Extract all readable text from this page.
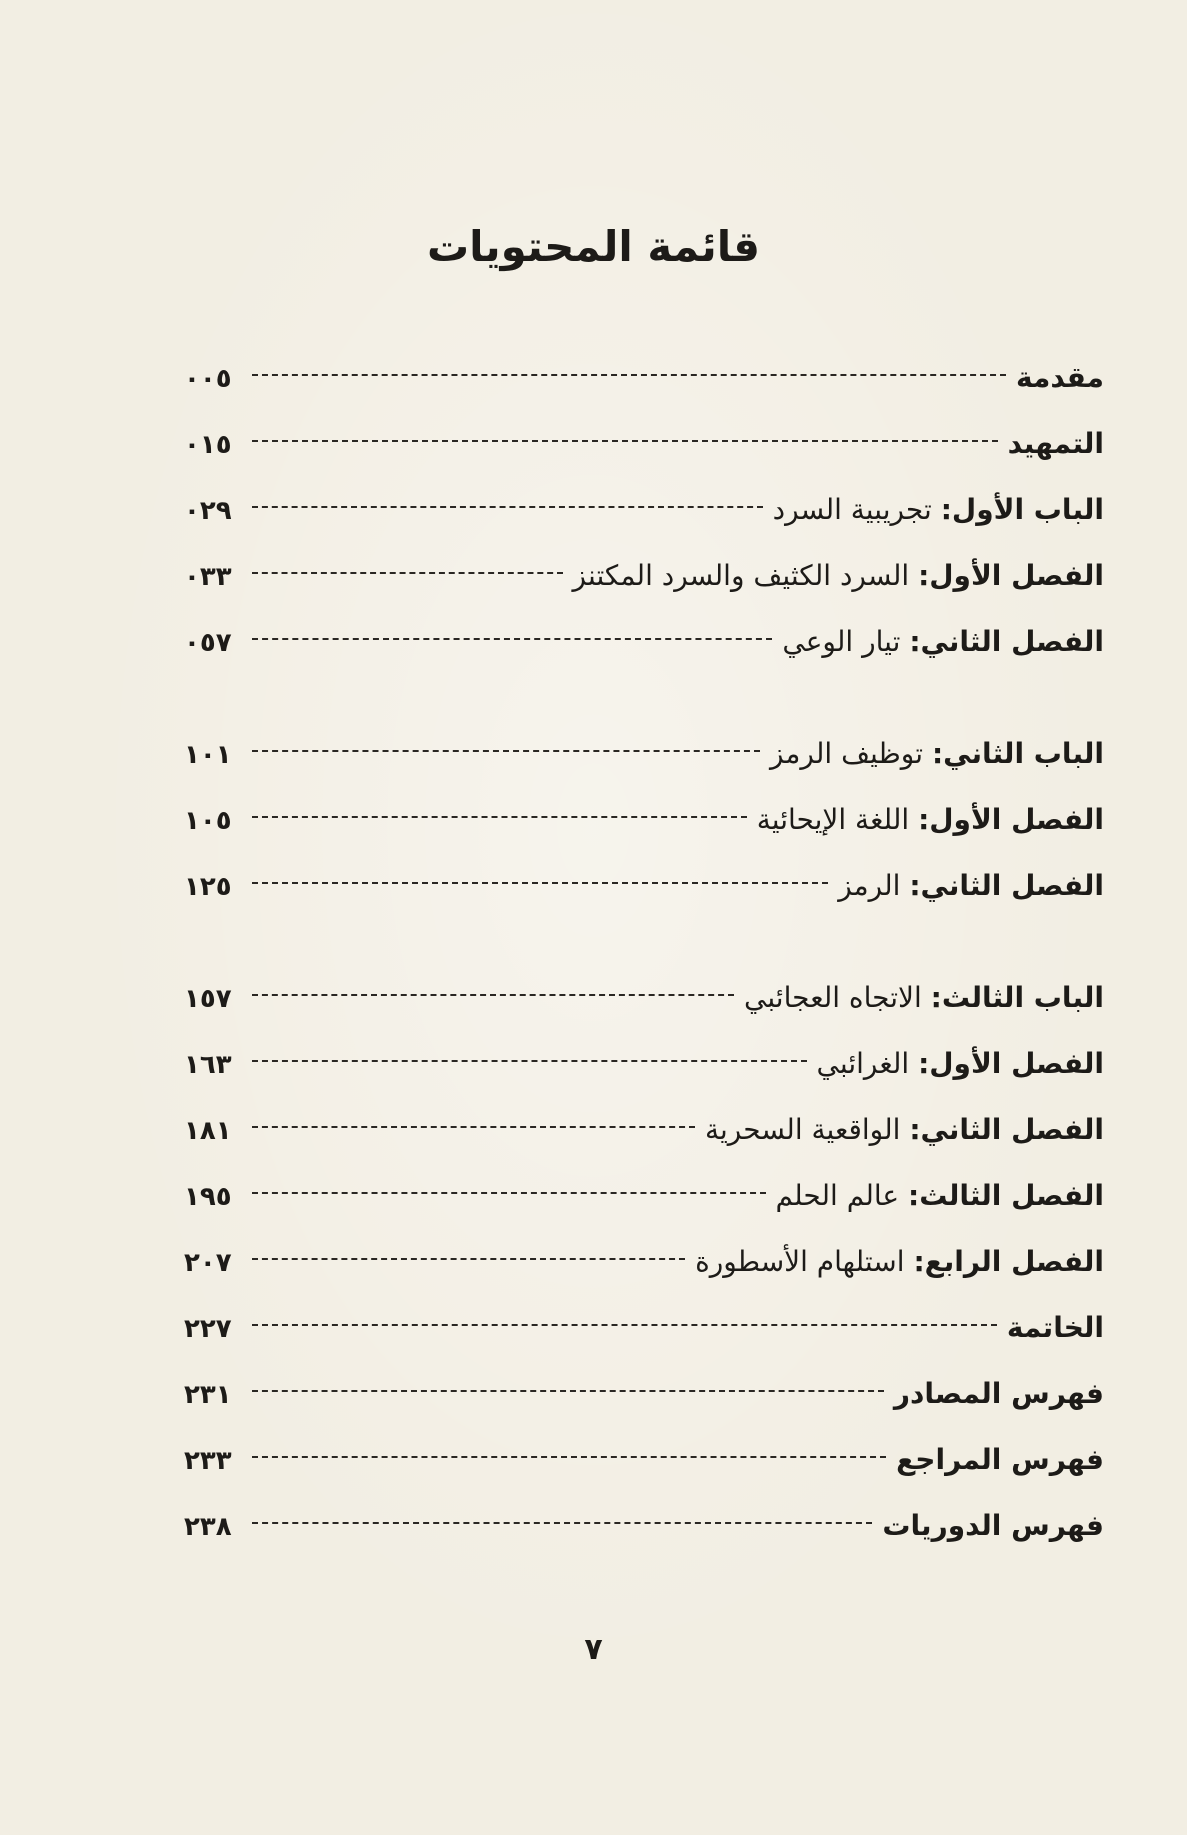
قائمة المحتويات
مقدمة
٠٠٥
التمهيد
٠١٥
الباب الأول: تجريبية السرد
٠٢٩
الفصل الأول: السرد الكثيف والسرد المكتنز
٠٣٣
الفصل الثاني: تيار الوعي
٠٥٧
الباب الثاني: توظيف الرمز
١٠١
الفصل الأول: اللغة الإيحائية
١٠٥
الفصل الثاني: الرمز
١٢٥
الباب الثالث: الاتجاه العجائبي
١٥٧
الفصل الأول: الغرائبي
١٦٣
الفصل الثاني: الواقعية السحرية
١٨١
الفصل الثالث: عالم الحلم
١٩٥
الفصل الرابع: استلهام الأسطورة
٢٠٧
الخاتمة
٢٢٧
فهرس المصادر
٢٣١
فهرس المراجع
٢٣٣
فهرس الدوريات
٢٣٨
٧
